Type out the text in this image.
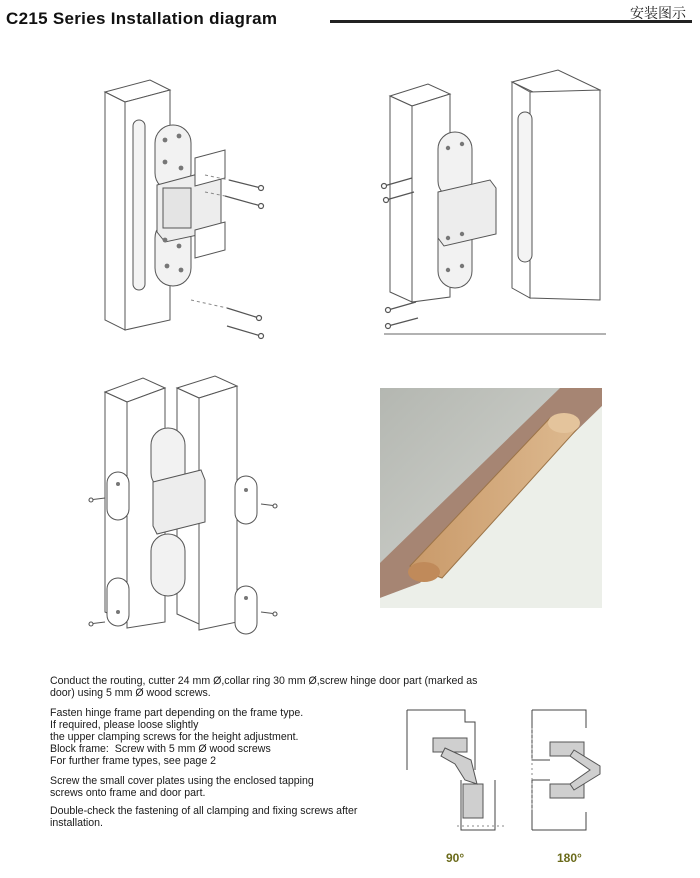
C215 Series Installation diagram	安装图示
Conduct the routing, cutter 24 mm Ø,collar ring 30 mm Ø,screw hinge door part (marked as
door) using 5 mm Ø wood screws.
Fasten hinge frame part depending on the frame type.
If required, please loose slightly
the upper clamping screws for the height adjustment.
Block frame:  Screw with 5 mm Ø wood screws
For further frame types, see page 2
Screw the small cover plates using the enclosed tapping
screws onto frame and door part.
Double-check the fastening of all clamping and fixing screws after
installation.
90°	180°
